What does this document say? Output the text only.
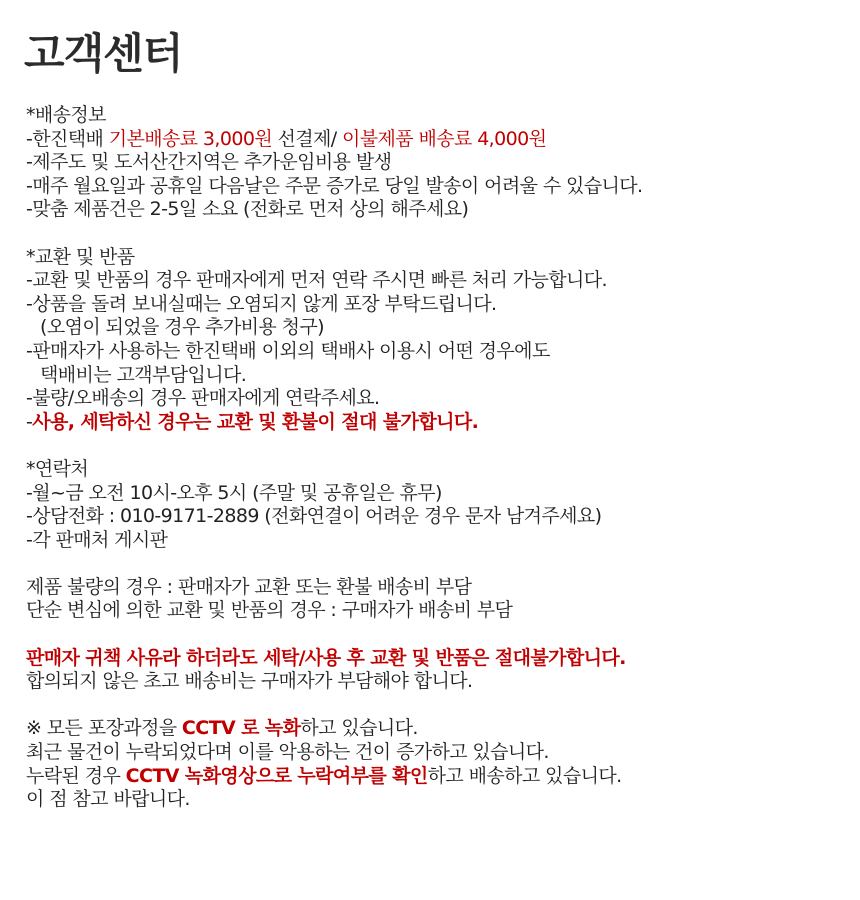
고객센터
*배송정보
-한진택배 기본배송료 3,000원 선결제/ 이불제품 배송료 4,000원
-제주도 및 도서산간지역은 추가운임비용 발생
-매주 월요일과 공휴일 다음날은 주문 증가로 당일 발송이 어려울 수 있습니다.
-맞춤 제품건은 2-5일 소요 (전화로 먼저 상의 해주세요)
*교환 및 반품
-교환 및 반품의 경우 판매자에게 먼저 연락 주시면 빠른 처리 가능합니다.
-상품을 돌려 보내실때는 오염되지 않게 포장 부탁드립니다.
(오염이 되었을 경우 추가비용 청구)
-판매자가 사용하는 한진택배 이외의 택배사 이용시 어떤 경우에도
택배비는 고객부담입니다.
-불량/오배송의 경우 판매자에게 연락주세요.
-사용, 세탁하신 경우는 교환 및 환불이 절대 불가합니다.
*연락처
-월~금 오전 10시-오후 5시 (주말 및 공휴일은 휴무)
-상담전화 : 010-9171-2889 (전화연결이 어려운 경우 문자 남겨주세요)
-각 판매처 게시판
제품 불량의 경우 : 판매자가 교환 또는 환불 배송비 부담
단순 변심에 의한 교환 및 반품의 경우 : 구매자가 배송비 부담
판매자 귀책 사유라 하더라도 세탁/사용 후 교환 및 반품은 절대불가합니다.
합의되지 않은 초고 배송비는 구매자가 부담해야 합니다.
※ 모든 포장과정을 CCTV 로 녹화하고 있습니다.
최근 물건이 누락되었다며 이를 악용하는 건이 증가하고 있습니다.
누락된 경우 CCTV 녹화영상으로 누락여부를 확인하고 배송하고 있습니다.
이 점 참고 바랍니다.
